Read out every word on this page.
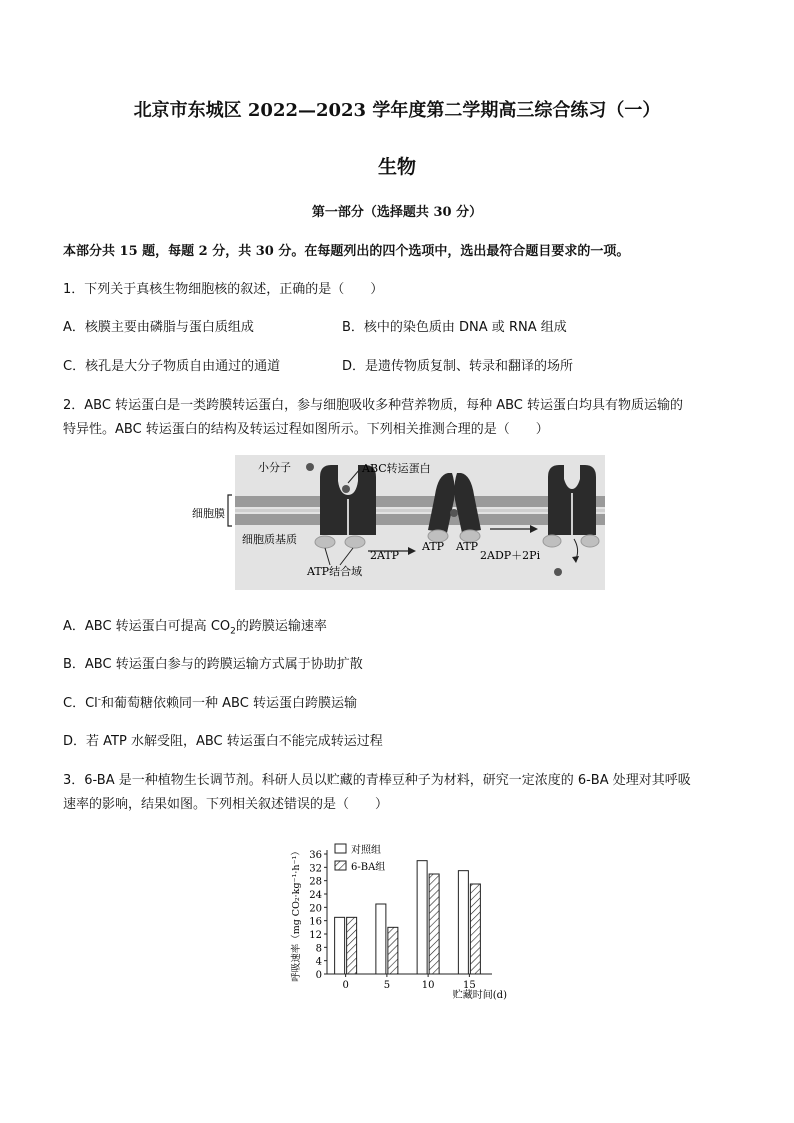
北京市东城区 2022—2023 学年度第二学期高三综合练习（一）
生物
第一部分（选择题共 30 分）
本部分共 15 题，每题 2 分，共 30 分。在每题列出的四个选项中，选出最符合题目要求的一项。
1．下列关于真核生物细胞核的叙述，正确的是（　　）
A．核膜主要由磷脂与蛋白质组成	B．核中的染色质由 DNA 或 RNA 组成
C．核孔是大分子物质自由通过的通道	D．是遗传物质复制、转录和翻译的场所
2．ABC 转运蛋白是一类跨膜转运蛋白，参与细胞吸收多种营养物质，每种 ABC 转运蛋白均具有物质运输的
特异性。ABC 转运蛋白的结构及转运过程如图所示。下列相关推测合理的是（　　）
细胞膜
小分子	ABC转运蛋白
细胞质基质
ATP结合域
2ATP
ATP ATP
2ADP＋2Pi
A．ABC 转运蛋白可提高 $CO_2$的跨膜运输速率
B．ABC 转运蛋白参与的跨膜运输方式属于协助扩散
C．Cl-和葡萄糖依赖同一种 ABC 转运蛋白跨膜运输
D．若 ATP 水解受阻，ABC 转运蛋白不能完成转运过程
3．6-BA 是一种植物生长调节剂。科研人员以贮藏的青棒豆种子为材料，研究一定浓度的 6-BA 处理对其呼吸
速率的影响，结果如图。下列相关叙述错误的是（　　）
0
4
8
12
16
20
24
28
32
36
0	5	10	15
对照组
6-BA组
贮藏时间(d)
呼吸速率（mg CO₂·kg⁻¹·h⁻¹）
